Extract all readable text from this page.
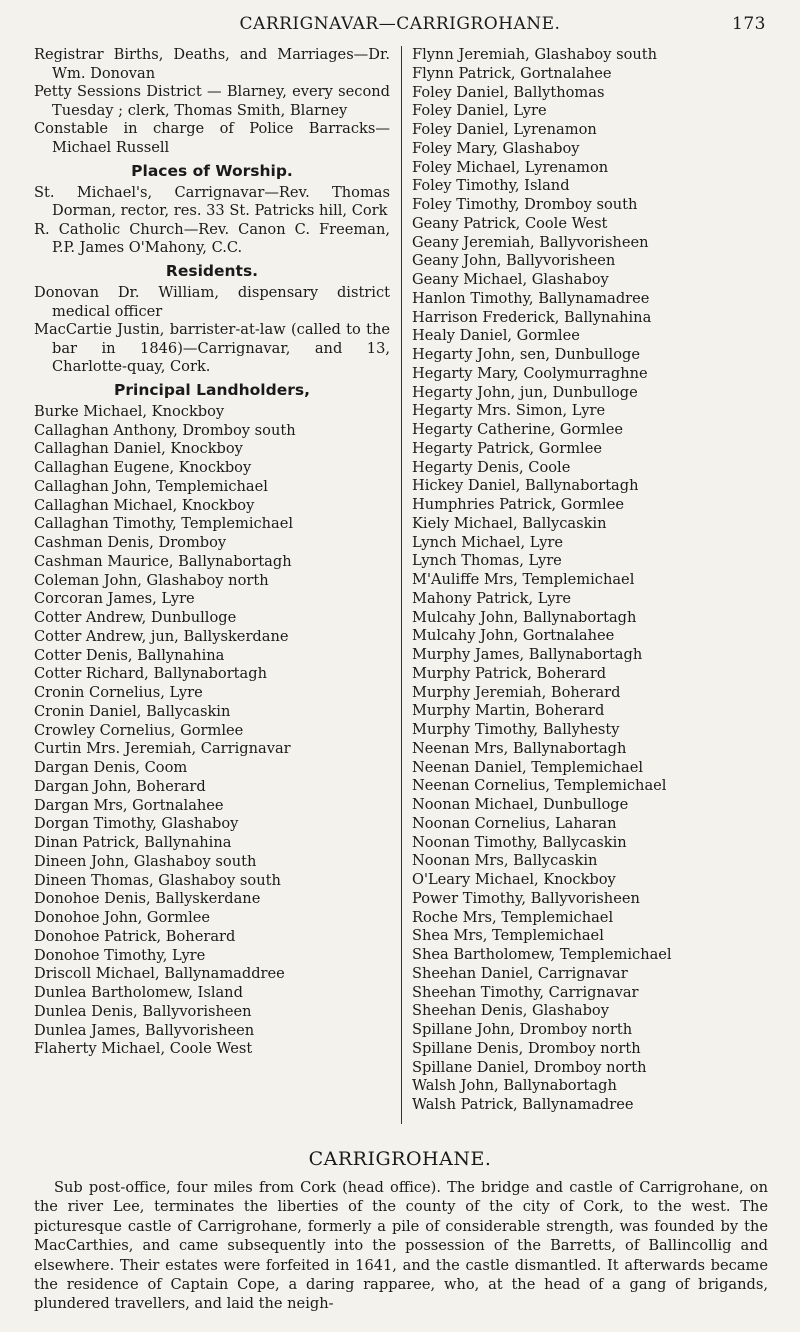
CARRIGNAVAR—CARRIGROHANE.	173
Registrar Births, Deaths, and Marriages—Dr. Wm. Donovan
Petty Sessions District — Blarney, every second Tuesday ; clerk, Thomas Smith, Blarney
Constable in charge of Police Barracks—Michael Russell
Places of Worship.
St. Michael's, Carrignavar—Rev. Thomas Dorman, rector, res. 33 St. Patricks hill, Cork
R. Catholic Church—Rev. Canon C. Freeman, P.P. James O'Mahony, C.C.
Residents.
Donovan Dr. William, dispensary district medical officer
MacCartie Justin, barrister-at-law (called to the bar in 1846)—Carrignavar, and 13, Charlotte-quay, Cork.
Principal Landholders,
Burke Michael, Knockboy
Callaghan Anthony, Dromboy south
Callaghan Daniel, Knockboy
Callaghan Eugene, Knockboy
Callaghan John, Templemichael
Callaghan Michael, Knockboy
Callaghan Timothy, Templemichael
Cashman Denis, Dromboy
Cashman Maurice, Ballynabortagh
Coleman John, Glashaboy north
Corcoran James, Lyre
Cotter Andrew, Dunbulloge
Cotter Andrew, jun, Ballyskerdane
Cotter Denis, Ballynahina
Cotter Richard, Ballynabortagh
Cronin Cornelius, Lyre
Cronin Daniel, Ballycaskin
Crowley Cornelius, Gormlee
Curtin Mrs. Jeremiah, Carrignavar
Dargan Denis, Coom
Dargan John, Boherard
Dargan Mrs, Gortnalahee
Dorgan Timothy, Glashaboy
Dinan Patrick, Ballynahina
Dineen John, Glashaboy south
Dineen Thomas, Glashaboy south
Donohoe Denis, Ballyskerdane
Donohoe John, Gormlee
Donohoe Patrick, Boherard
Donohoe Timothy, Lyre
Driscoll Michael, Ballynamaddree
Dunlea Bartholomew, Island
Dunlea Denis, Ballyvorisheen
Dunlea James, Ballyvorisheen
Flaherty Michael, Coole West
Flynn Jeremiah, Glashaboy south
Flynn Patrick, Gortnalahee
Foley Daniel, Ballythomas
Foley Daniel, Lyre
Foley Daniel, Lyrenamon
Foley Mary, Glashaboy
Foley Michael, Lyrenamon
Foley Timothy, Island
Foley Timothy, Dromboy south
Geany Patrick, Coole West
Geany Jeremiah, Ballyvorisheen
Geany John, Ballyvorisheen
Geany Michael, Glashaboy
Hanlon Timothy, Ballynamadree
Harrison Frederick, Ballynahina
Healy Daniel, Gormlee
Hegarty John, sen, Dunbulloge
Hegarty Mary, Coolymurraghne
Hegarty John, jun, Dunbulloge
Hegarty Mrs. Simon, Lyre
Hegarty Catherine, Gormlee
Hegarty Patrick, Gormlee
Hegarty Denis, Coole
Hickey Daniel, Ballynabortagh
Humphries Patrick, Gormlee
Kiely Michael, Ballycaskin
Lynch Michael, Lyre
Lynch Thomas, Lyre
M'Auliffe Mrs, Templemichael
Mahony Patrick, Lyre
Mulcahy John, Ballynabortagh
Mulcahy John, Gortnalahee
Murphy James, Ballynabortagh
Murphy Patrick, Boherard
Murphy Jeremiah, Boherard
Murphy Martin, Boherard
Murphy Timothy, Ballyhesty
Neenan Mrs, Ballynabortagh
Neenan Daniel, Templemichael
Neenan Cornelius, Templemichael
Noonan Michael, Dunbulloge
Noonan Cornelius, Laharan
Noonan Timothy, Ballycaskin
Noonan Mrs, Ballycaskin
O'Leary Michael, Knockboy
Power Timothy, Ballyvorisheen
Roche Mrs, Templemichael
Shea Mrs, Templemichael
Shea Bartholomew, Templemichael
Sheehan Daniel, Carrignavar
Sheehan Timothy, Carrignavar
Sheehan Denis, Glashaboy
Spillane John, Dromboy north
Spillane Denis, Dromboy north
Spillane Daniel, Dromboy north
Walsh John, Ballynabortagh
Walsh Patrick, Ballynamadree
CARRIGROHANE.

Sub post-office, four miles from Cork (head office). The bridge and castle of Carrigrohane, on the river Lee, terminates the liberties of the county of the city of Cork, to the west. The picturesque castle of Carrigrohane, formerly a pile of considerable strength, was founded by the MacCarthies, and came subsequently into the possession of the Barretts, of Ballincollig and elsewhere. Their estates were forfeited in 1641, and the castle dismantled. It afterwards became the residence of Captain Cope, a daring rapparee, who, at the head of a gang of brigands, plundered travellers, and laid the neigh-
